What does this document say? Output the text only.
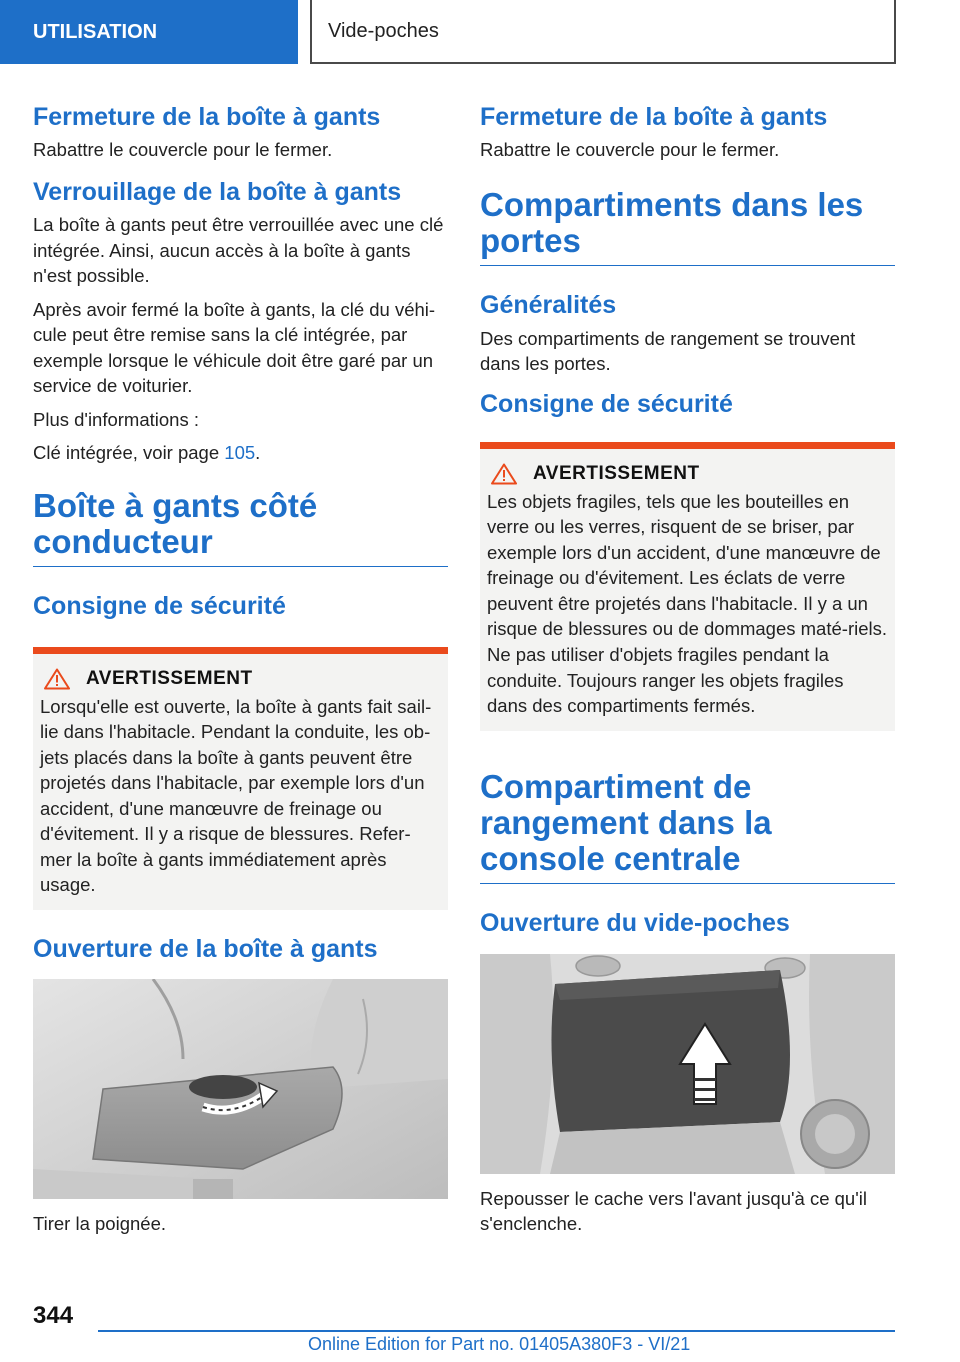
UTILISATION	Vide-poches
Fermeture de la boîte à gants

Rabattre le couvercle pour le fermer.

Verrouillage de la boîte à gants

La boîte à gants peut être verrouillée avec une clé intégrée. Ainsi, aucun accès à la boîte à gants n'est possible.

Après avoir fermé la boîte à gants, la clé du véhi-cule peut être remise sans la clé intégrée, par exemple lorsque le véhicule doit être garé par un service de voiturier.

Plus d'informations :

Clé intégrée, voir page 105.

Boîte à gants côté conducteur
Consigne de sécurité
AVERTISSEMENT

Lorsqu'elle est ouverte, la boîte à gants fait sail-lie dans l'habitacle. Pendant la conduite, les ob-jets placés dans la boîte à gants peuvent être projetés dans l'habitacle, par exemple lors d'un accident, d'une manœuvre de freinage ou d'évitement. Il y a risque de blessures. Refer-mer la boîte à gants immédiatement après usage.

Ouverture de la boîte à gants

Tirer la poignée.

Fermeture de la boîte à gants

Rabattre le couvercle pour le fermer.

Compartiments dans les portes
Généralités

Des compartiments de rangement se trouvent dans les portes.

Consigne de sécurité
AVERTISSEMENT

Les objets fragiles, tels que les bouteilles en verre ou les verres, risquent de se briser, par exemple lors d'un accident, d'une manœuvre de freinage ou d'évitement. Les éclats de verre peuvent être projetés dans l'habitacle. Il y a un risque de blessures ou de dommages maté-riels. Ne pas utiliser d'objets fragiles pendant la conduite. Toujours ranger les objets fragiles dans des compartiments fermés.

Compartiment de rangement dans la console centrale
Ouverture du vide-poches

Repousser le cache vers l'avant jusqu'à ce qu'il s'enclenche.

344
Online Edition for Part no. 01405A380F3 - VI/21
